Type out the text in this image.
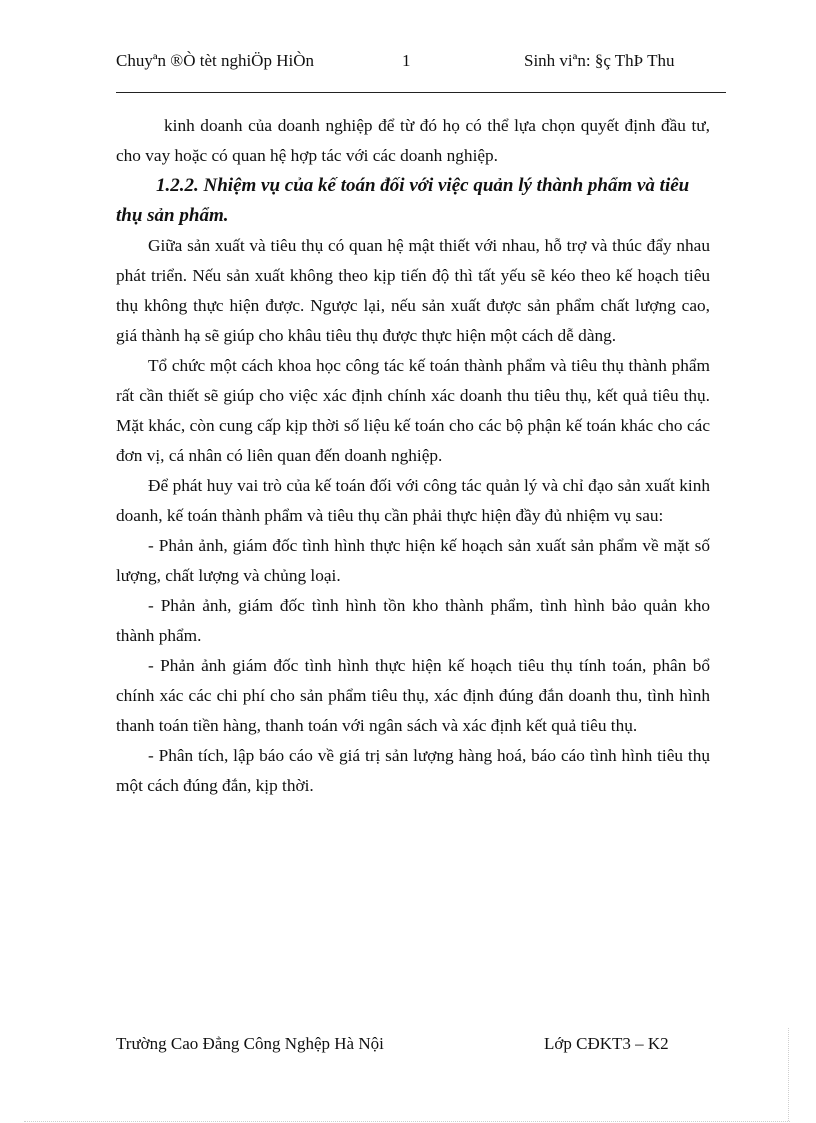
Chuyªn ®Ò tèt nghiÖp HiÒn	1	Sinh viªn: §ç ThÞ Thu

kinh doanh của doanh nghiệp để từ đó họ có thể lựa chọn quyết định đầu tư, cho vay hoặc có quan hệ hợp tác với các doanh nghiệp.

1.2.2. Nhiệm vụ của kế toán đối với việc quản lý thành phẩm và tiêu thụ sản phẩm.

Giữa sản xuất và tiêu thụ có quan hệ mật thiết với nhau, hỗ trợ và thúc đẩy nhau phát triển. Nếu sản xuất không theo kịp tiến độ thì tất yếu sẽ kéo theo kế hoạch tiêu thụ không thực hiện được. Ngược lại, nếu sản xuất được sản phẩm chất lượng cao, giá thành hạ sẽ giúp cho khâu tiêu thụ được thực hiện một cách dễ dàng.

Tổ chức một cách khoa học công tác kế toán thành phẩm và tiêu thụ thành phẩm rất cần thiết sẽ giúp cho việc xác định chính xác doanh thu tiêu thụ, kết quả tiêu thụ. Mặt khác, còn cung cấp kịp thời số liệu kế toán cho các bộ phận kế toán khác cho các đơn vị, cá nhân có liên quan đến doanh nghiệp.

Để phát huy vai trò của kế toán đối với công tác quản lý và chỉ đạo sản xuất kinh doanh, kế toán thành phẩm và tiêu thụ cần phải thực hiện đầy đủ nhiệm vụ sau:

- Phản ảnh, giám đốc tình hình thực hiện kế hoạch sản xuất sản phẩm về mặt số lượng, chất lượng và chủng loại.

- Phản ảnh, giám đốc tình hình tồn kho thành phẩm, tình hình bảo quản kho thành phẩm.

- Phản ảnh giám đốc tình hình thực hiện kế hoạch tiêu thụ tính toán, phân bổ chính xác các chi phí cho sản phẩm tiêu thụ, xác định đúng đắn doanh thu, tình hình thanh toán tiền hàng, thanh toán với ngân sách và xác định kết quả tiêu thụ.

- Phân tích, lập báo cáo về giá trị sản lượng hàng hoá, báo cáo tình hình tiêu thụ một cách đúng đắn, kịp thời.

Trường Cao Đẳng Công Nghệp Hà Nội	Lớp CĐKT3 – K2
